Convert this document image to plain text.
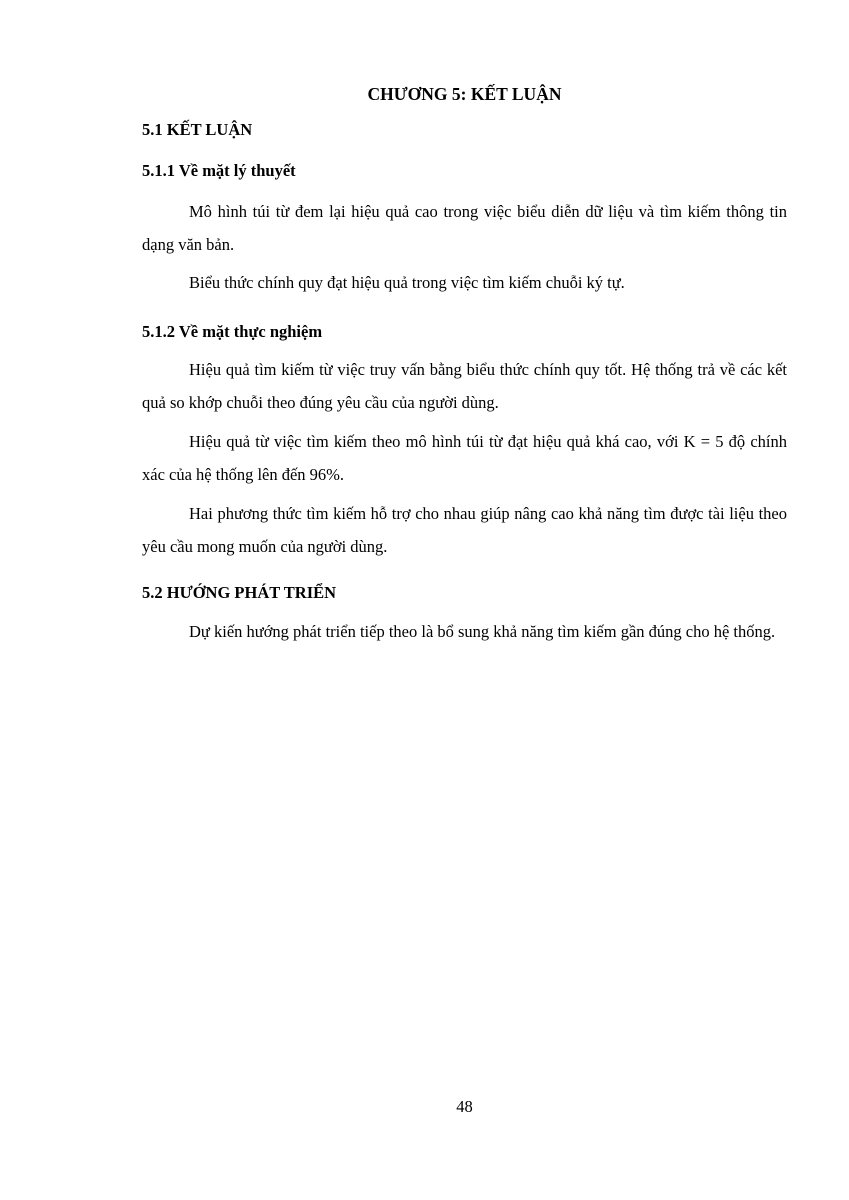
CHƯƠNG 5: KẾT LUẬN
5.1 KẾT LUẬN
5.1.1 Về mặt lý thuyết
Mô hình túi từ đem lại hiệu quả cao trong việc biểu diễn dữ liệu và tìm kiếm thông tin dạng văn bản.
Biểu thức chính quy đạt hiệu quả trong việc tìm kiếm chuỗi ký tự.
5.1.2 Về mặt thực nghiệm
Hiệu quả tìm kiếm từ việc truy vấn bằng biểu thức chính quy tốt. Hệ thống trả về các kết quả so khớp chuỗi theo đúng yêu cầu của người dùng.
Hiệu quả từ việc tìm kiếm theo mô hình túi từ đạt hiệu quả khá cao, với K = 5 độ chính xác của hệ thống lên đến 96%.
Hai phương thức tìm kiếm hỗ trợ cho nhau giúp nâng cao khả năng tìm được tài liệu theo yêu cầu mong muốn của người dùng.
5.2 HƯỚNG PHÁT TRIỂN
Dự kiến hướng phát triển tiếp theo là bổ sung khả năng tìm kiếm gần đúng cho hệ thống.
48
